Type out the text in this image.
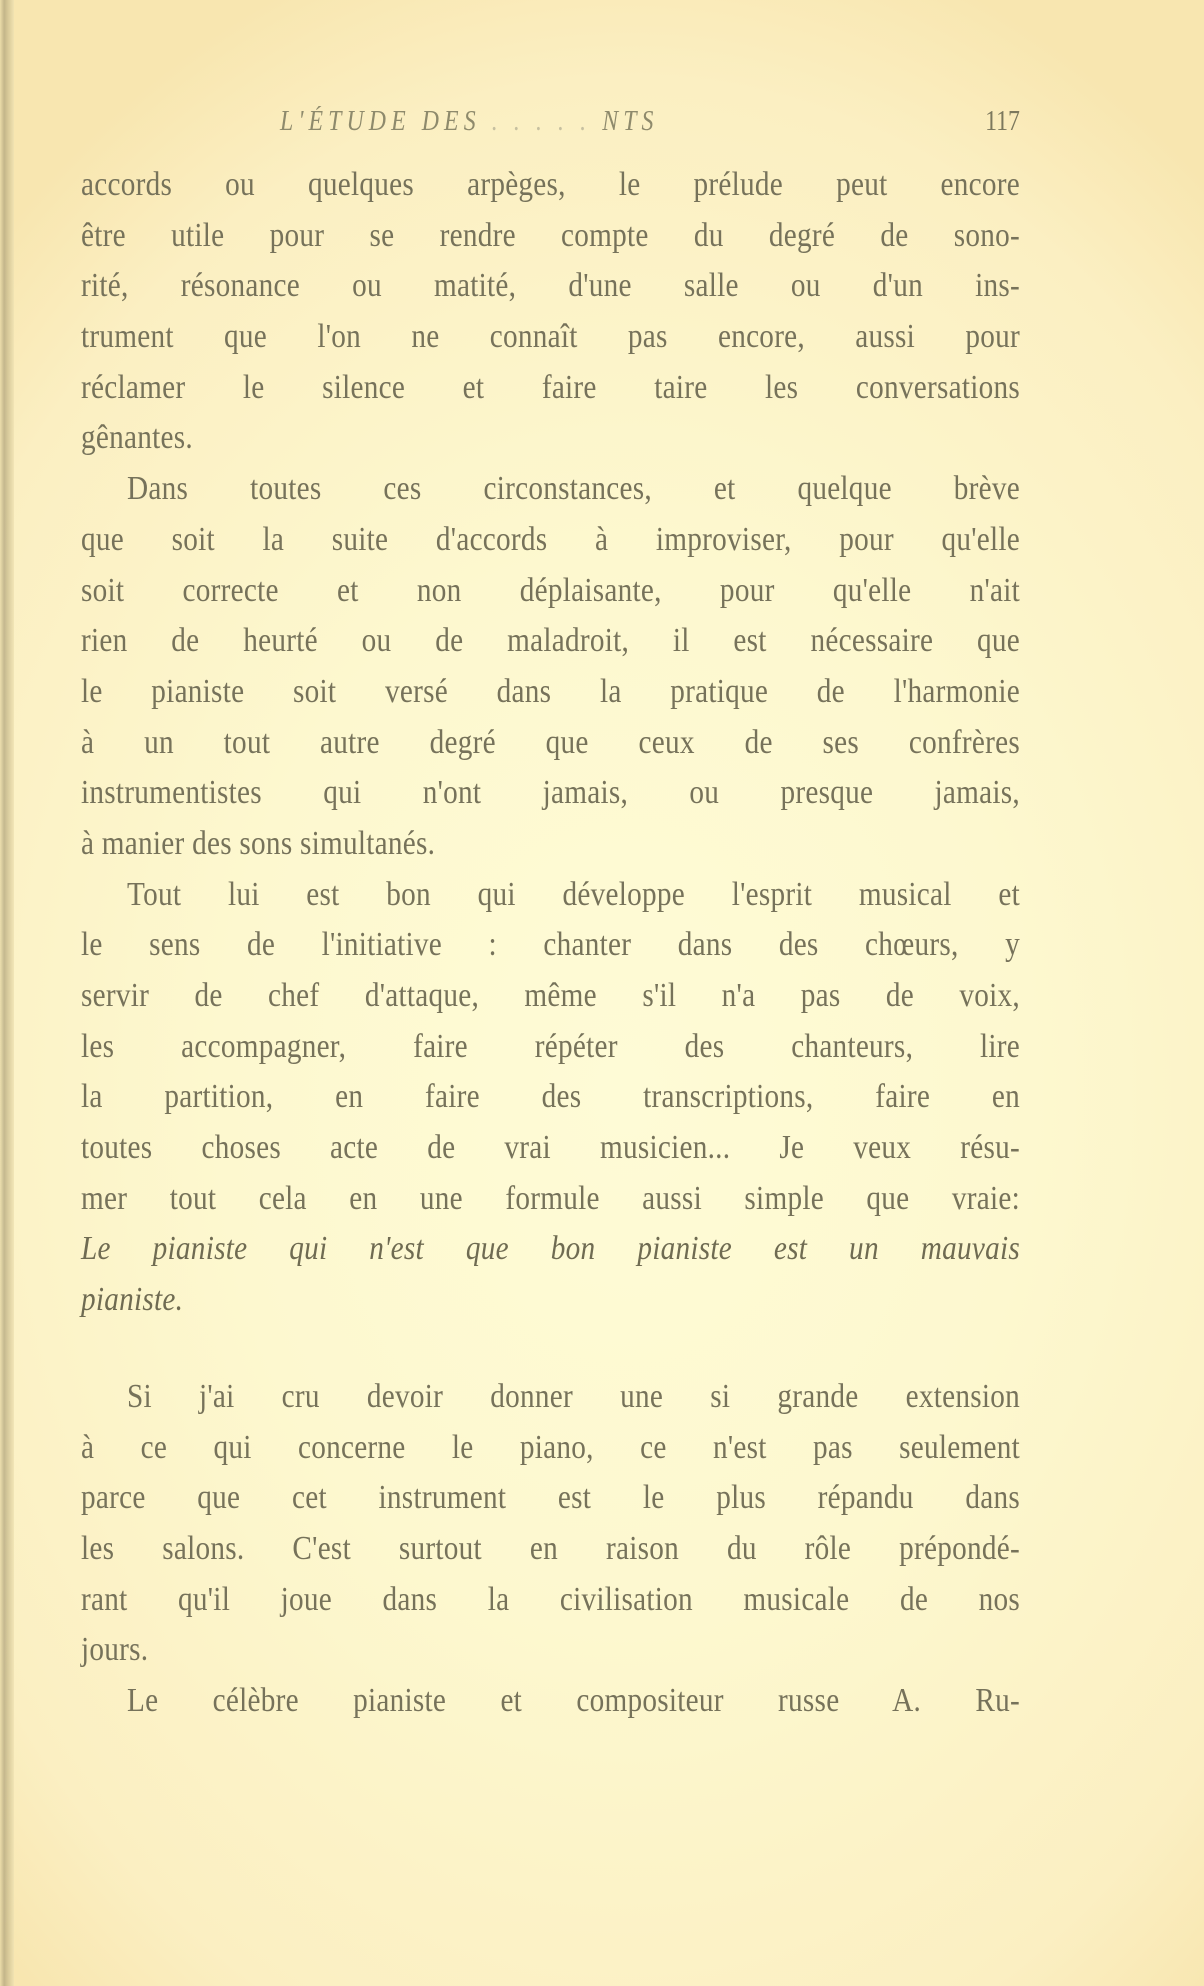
L'ÉTUDE DES . . . . . NTS	117
accords ou quelques arpèges, le prélude peut encore
être utile pour se rendre compte du degré de sono-
rité, résonance ou matité, d'une salle ou d'un ins-
trument que l'on ne connaît pas encore, aussi pour
réclamer le silence et faire taire les conversations
gênantes.
Dans toutes ces circonstances, et quelque brève
que soit la suite d'accords à improviser, pour qu'elle
soit correcte et non déplaisante, pour qu'elle n'ait
rien de heurté ou de maladroit, il est nécessaire que
le pianiste soit versé dans la pratique de l'harmonie
à un tout autre degré que ceux de ses confrères
instrumentistes qui n'ont jamais, ou presque jamais,
à manier des sons simultanés.
Tout lui est bon qui développe l'esprit musical et
le sens de l'initiative : chanter dans des chœurs, y
servir de chef d'attaque, même s'il n'a pas de voix,
les accompagner, faire répéter des chanteurs, lire
la partition, en faire des transcriptions, faire en
toutes choses acte de vrai musicien... Je veux résu-
mer tout cela en une formule aussi simple que vraie:
Le pianiste qui n'est que bon pianiste est un mauvais
pianiste.
Si j'ai cru devoir donner une si grande extension
à ce qui concerne le piano, ce n'est pas seulement
parce que cet instrument est le plus répandu dans
les salons. C'est surtout en raison du rôle prépondé-
rant qu'il joue dans la civilisation musicale de nos
jours.
Le célèbre pianiste et compositeur russe A. Ru-
